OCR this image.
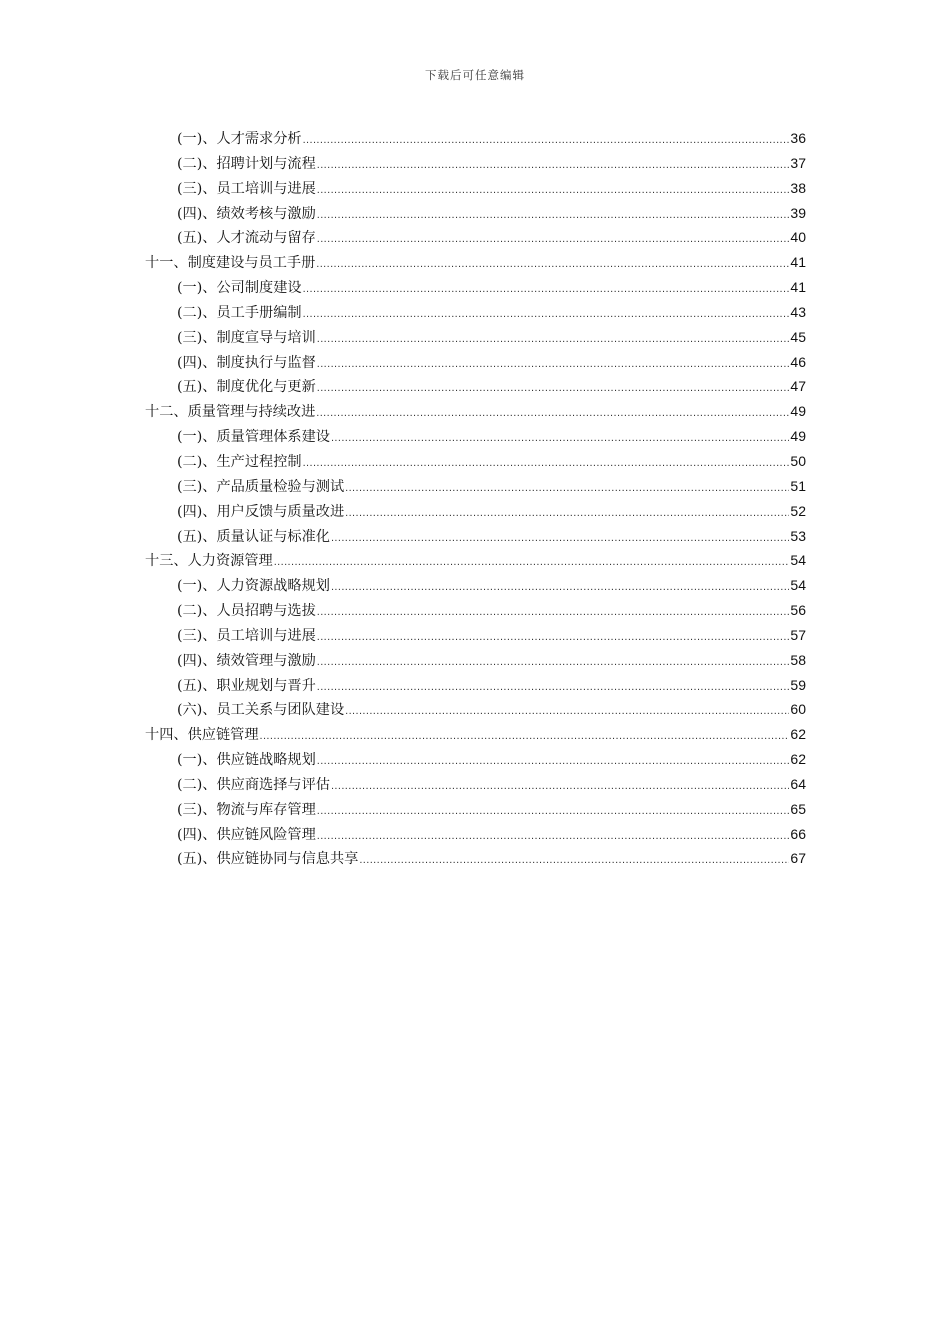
下载后可任意编辑
(一)、人才需求分析 .....	36
(二)、招聘计划与流程 .....	37
(三)、员工培训与进展 .....	38
(四)、绩效考核与激励 .....	39
(五)、人才流动与留存 .....	40
十一、制度建设与员工手册 .....	41
(一)、公司制度建设 .....	41
(二)、员工手册编制 .....	43
(三)、制度宣导与培训 .....	45
(四)、制度执行与监督 .....	46
(五)、制度优化与更新 .....	47
十二、质量管理与持续改进 .....	49
(一)、质量管理体系建设 .....	49
(二)、生产过程控制 .....	50
(三)、产品质量检验与测试 .....	51
(四)、用户反馈与质量改进 .....	52
(五)、质量认证与标准化 .....	53
十三、人力资源管理 .....	54
(一)、人力资源战略规划 .....	54
(二)、人员招聘与选拔 .....	56
(三)、员工培训与进展 .....	57
(四)、绩效管理与激励 .....	58
(五)、职业规划与晋升 .....	59
(六)、员工关系与团队建设 .....	60
十四、供应链管理 .....	62
(一)、供应链战略规划 .....	62
(二)、供应商选择与评估 .....	64
(三)、物流与库存管理 .....	65
(四)、供应链风险管理 .....	66
(五)、供应链协同与信息共享 .....	67
